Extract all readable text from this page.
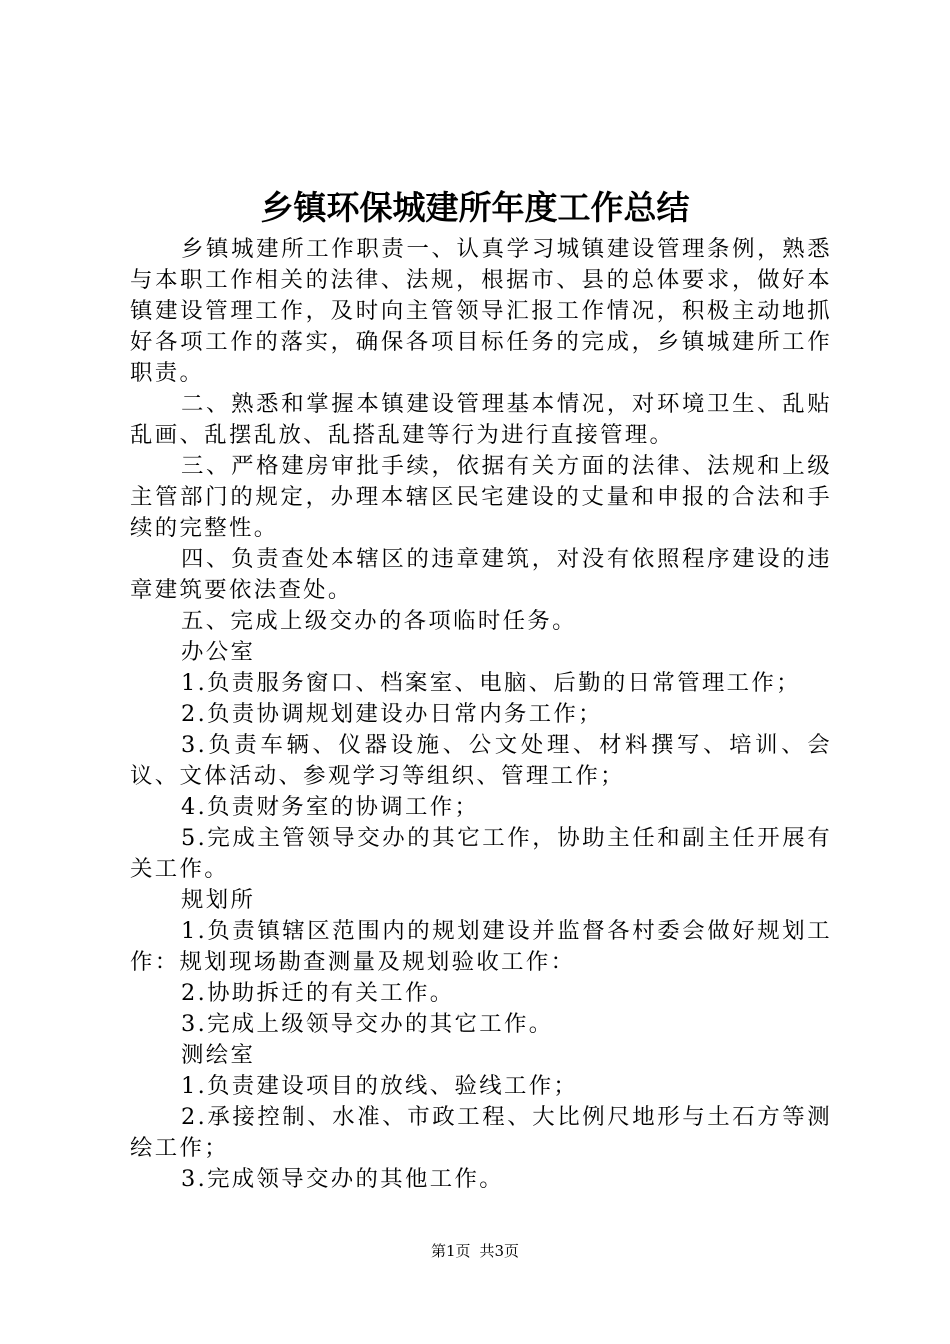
乡镇环保城建所年度工作总结

乡镇城建所工作职责一、认真学习城镇建设管理条例，熟悉与本职工作相关的法律、法规，根据市、县的总体要求，做好本镇建设管理工作，及时向主管领导汇报工作情况，积极主动地抓好各项工作的落实，确保各项目标任务的完成，乡镇城建所工作职责。

二、熟悉和掌握本镇建设管理基本情况，对环境卫生、乱贴乱画、乱摆乱放、乱搭乱建等行为进行直接管理。

三、严格建房审批手续，依据有关方面的法律、法规和上级主管部门的规定，办理本辖区民宅建设的丈量和申报的合法和手续的完整性。

四、负责查处本辖区的违章建筑，对没有依照程序建设的违章建筑要依法查处。

五、完成上级交办的各项临时任务。

办公室

1.负责服务窗口、档案室、电脑、后勤的日常管理工作；

2.负责协调规划建设办日常内务工作；

3.负责车辆、仪器设施、公文处理、材料撰写、培训、会议、文体活动、参观学习等组织、管理工作；

4.负责财务室的协调工作；

5.完成主管领导交办的其它工作，协助主任和副主任开展有关工作。

规划所

1.负责镇辖区范围内的规划建设并监督各村委会做好规划工作：规划现场勘查测量及规划验收工作：

2.协助拆迁的有关工作。

3.完成上级领导交办的其它工作。

测绘室

1.负责建设项目的放线、验线工作；

2.承接控制、水准、市政工程、大比例尺地形与土石方等测绘工作；

3.完成领导交办的其他工作。

第1页 共3页
